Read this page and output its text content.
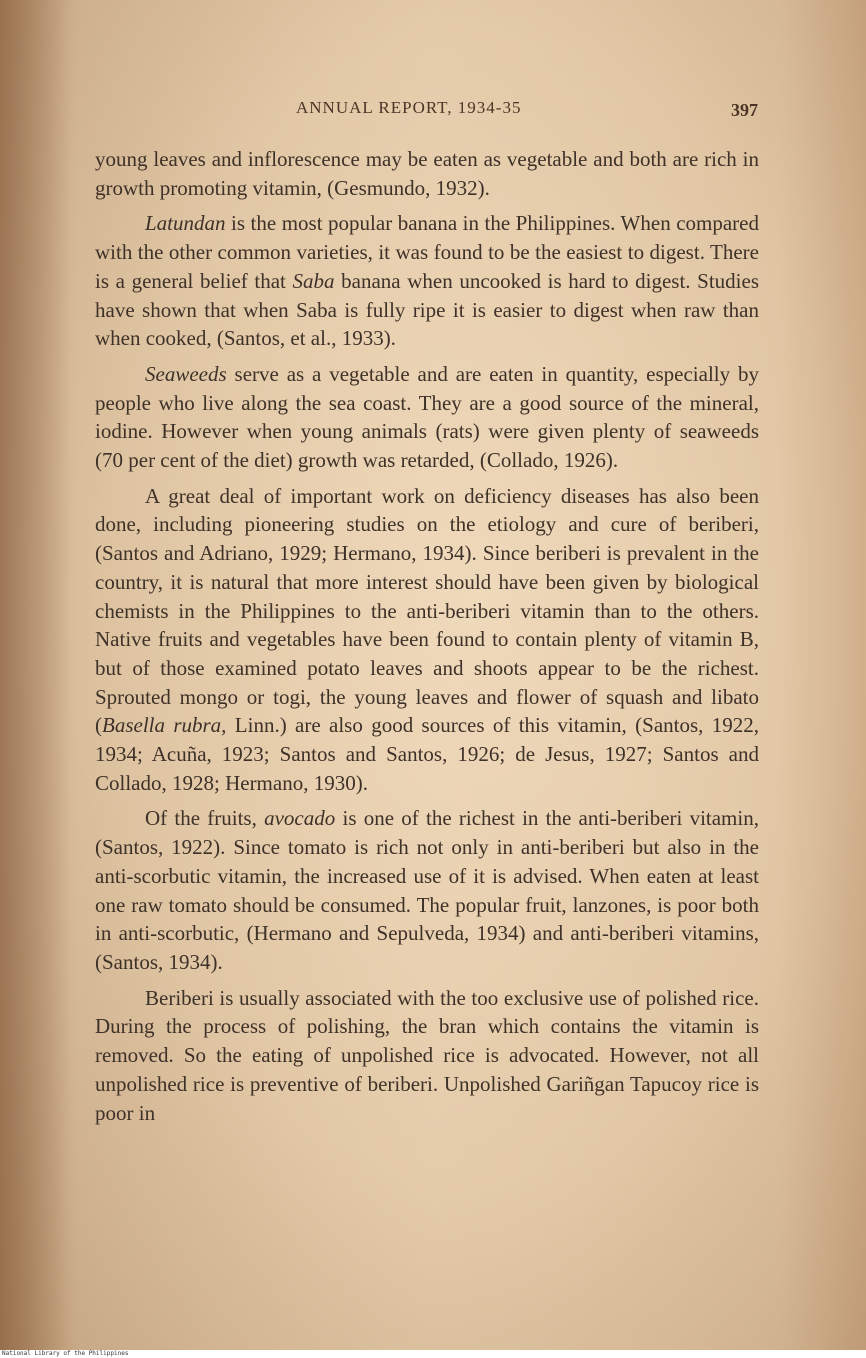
ANNUAL REPORT, 1934-35	397

young leaves and inflorescence may be eaten as vegetable and both are rich in growth promoting vitamin, (Gesmundo, 1932).

Latundan is the most popular banana in the Philippines. When compared with the other common varieties, it was found to be the easiest to digest. There is a general belief that Saba banana when uncooked is hard to digest. Studies have shown that when Saba is fully ripe it is easier to digest when raw than when cooked, (Santos, et al., 1933).

Seaweeds serve as a vegetable and are eaten in quantity, especially by people who live along the sea coast. They are a good source of the mineral, iodine. However when young animals (rats) were given plenty of seaweeds (70 per cent of the diet) growth was retarded, (Collado, 1926).

A great deal of important work on deficiency diseases has also been done, including pioneering studies on the etiology and cure of beriberi, (Santos and Adriano, 1929; Hermano, 1934). Since beriberi is prevalent in the country, it is natural that more interest should have been given by biological chemists in the Philippines to the anti-beriberi vitamin than to the others. Native fruits and vegetables have been found to contain plenty of vitamin B, but of those examined potato leaves and shoots appear to be the richest. Sprouted mongo or togi, the young leaves and flower of squash and libato (Basella rubra, Linn.) are also good sources of this vitamin, (Santos, 1922, 1934; Acuña, 1923; Santos and Santos, 1926; de Jesus, 1927; Santos and Collado, 1928; Hermano, 1930).

Of the fruits, avocado is one of the richest in the anti-beriberi vitamin, (Santos, 1922). Since tomato is rich not only in anti-beriberi but also in the anti-scorbutic vitamin, the increased use of it is advised. When eaten at least one raw tomato should be consumed. The popular fruit, lanzones, is poor both in anti-scorbutic, (Hermano and Sepulveda, 1934) and anti-beriberi vitamins, (Santos, 1934).

Beriberi is usually associated with the too exclusive use of polished rice. During the process of polishing, the bran which contains the vitamin is removed. So the eating of unpolished rice is advocated. However, not all unpolished rice is preventive of beriberi. Unpolished Gariñgan Tapucoy rice is poor in

National Library of the Philippines
